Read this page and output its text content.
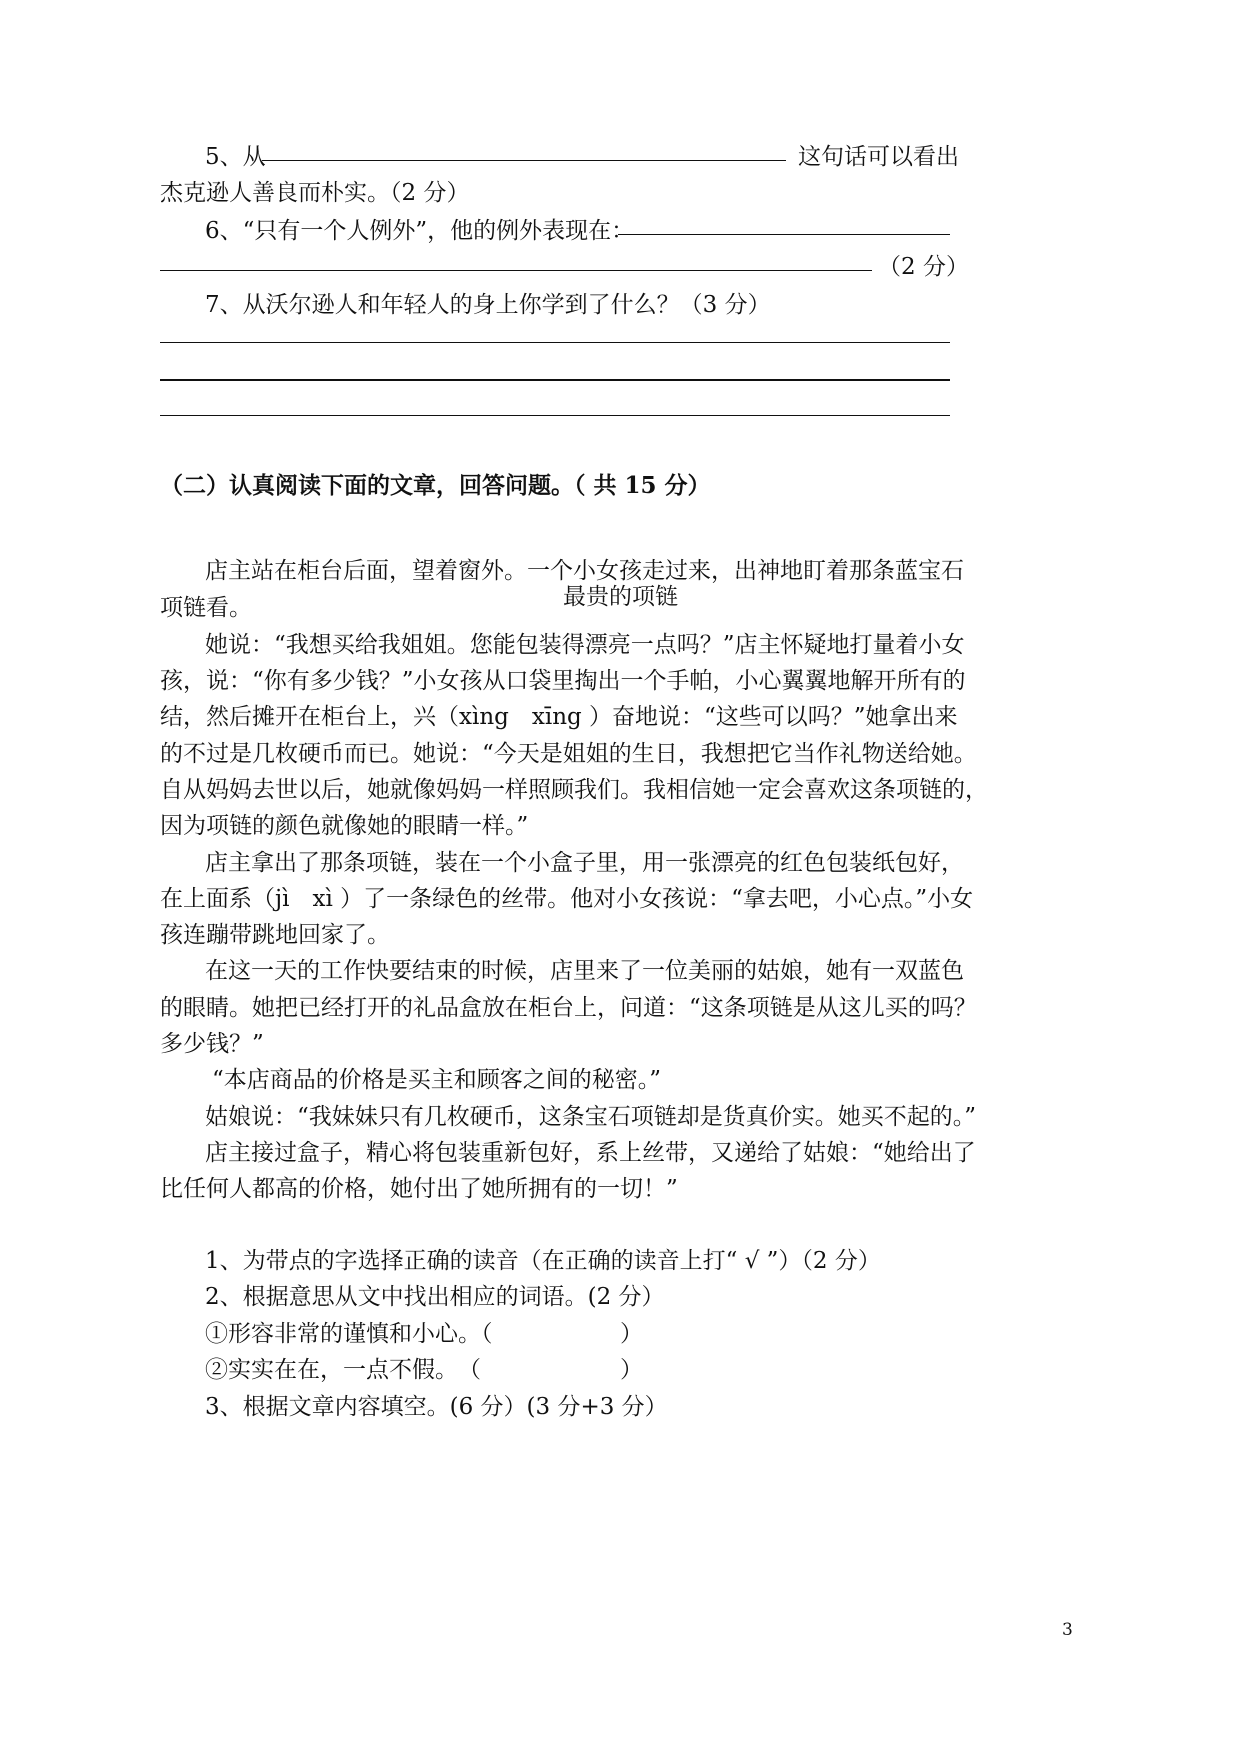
5、从	这句话可以看出
杰克逊人善良而朴实。（2 分）
6、“只有一个人例外”，他的例外表现在：
（2 分）
7、从沃尔逊人和年轻人的身上你学到了什么？（3 分）
（二）认真阅读下面的文章，回答问题。（ 共 15 分）
最贵的项链
店主站在柜台后面，望着窗外。一个小女孩走过来，出神地盯着那条蓝宝石
项链看。
她说：“我想买给我姐姐。您能包装得漂亮一点吗？”店主怀疑地打量着小女
孩，说：“你有多少钱？”小女孩从口袋里掏出一个手帕，小心翼翼地解开所有的
结，然后摊开在柜台上，兴（xìng　xīng ）奋地说：“这些可以吗？”她拿出来
的不过是几枚硬币而已。她说：“今天是姐姐的生日，我想把它当作礼物送给她。
自从妈妈去世以后，她就像妈妈一样照顾我们。我相信她一定会喜欢这条项链的，
因为项链的颜色就像她的眼睛一样。”
店主拿出了那条项链，装在一个小盒子里，用一张漂亮的红色包装纸包好，
在上面系（jì　xì ）了一条绿色的丝带。他对小女孩说：“拿去吧，小心点。”小女
孩连蹦带跳地回家了。
在这一天的工作快要结束的时候，店里来了一位美丽的姑娘，她有一双蓝色
的眼睛。她把已经打开的礼品盒放在柜台上，问道：“这条项链是从这儿买的吗？
多少钱？”
“本店商品的价格是买主和顾客之间的秘密。”
姑娘说：“我妹妹只有几枚硬币，这条宝石项链却是货真价实。她买不起的。”
店主接过盒子，精心将包装重新包好，系上丝带，又递给了姑娘：“她给出了
比任何人都高的价格，她付出了她所拥有的一切！”
1、为带点的字选择正确的读音（在正确的读音上打“ √ ”）（2 分）
2、根据意思从文中找出相应的词语。(2 分）
①形容非常的谨慎和小心。（	）
②实实在在，一点不假。　（	）
3、根据文章内容填空。(6 分）(3 分+3 分）
3
